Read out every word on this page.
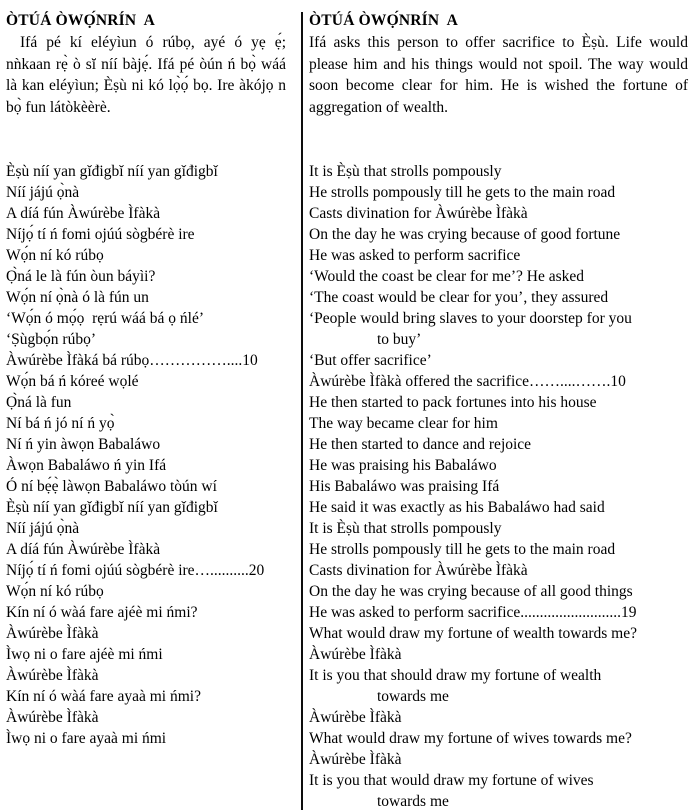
ÒTÚÁ ÒWỌ́NRÍN  A

Ifá pé kí eléyìun ó rúbọ, ayé ó yẹ ẹ́; nǹkaan rẹ̀ ò sĭ níí bàjẹ́. Ifá pé òún ń bọ̀ wáá là kan eléyìun; Èṣù ni kó lọ̀ọ́ bọ. Ire àkójọ n bọ̀ fun látòkèèrè.

Èṣù níí yan gǐđigbǐ níí yan gǐđigbǐ
Níí jájú ọ̀nà
A díá fún Àwúrèbe Ìfàkà
Níjọ́ tí ń fomi ojúú sògbérè ire
Wọ́n ní kó rúbọ
Ọ̀ná le là fún òun báyìi?
Wọ́n ní ọ̀nà ó là fún un
‘Wọ́n ó mọ́ọ  rẹrú wáá bá ọ ńlé’
‘Ṣùgbọ́n rúbọ’
Àwúrèbe Ìfàká bá rúbọ……………....10
Wọ́n bá ń kóreé wọlé
Ọ̀ná là fun
Ní bá ń jó ní ń yọ̀
Ní ń yin àwọn Babaláwo
Àwọn Babaláwo ń yin Ifá
Ó ní bẹ́ẹ̀ làwọn Babaláwo tòún wí
Èṣù níí yan gǐđigbǐ níí yan gǐđigbǐ
Níí jájú ọ̀nà
A díá fún Àwúrèbe Ìfàkà
Níjọ́ tí ń fomi ojúú sògbérè ire…..........20
Wọ́n ní kó rúbọ
Kín ní ó wàá fare ajéè mi ńmi?
Àwúrèbe Ìfàkà
Ìwọ ni o fare ajéè mi ńmi
Àwúrèbe Ìfàkà
Kín ní ó wàá fare ayaà mi ńmi?
Àwúrèbe Ìfàkà
Ìwọ ni o fare ayaà mi ńmi
ÒTÚÁ ÒWỌ́NRÍN  A

Ifá asks this person to offer sacrifice to Èṣù. Life would please him and his things would not spoil. The way would soon become clear for him. He is wished the fortune of aggregation of wealth.

It is Èṣù that strolls pompously
He strolls pompously till he gets to the main road
Casts divination for Àwúrèbe Ìfàkà
On the day he was crying because of good fortune
He was asked to perform sacrifice
‘Would the coast be clear for me’? He asked
‘The coast would be clear for you’, they assured
‘People would bring slaves to your doorstep for you
to buy’
‘But offer sacrifice’
Àwúrèbe Ìfàkà offered the sacrifice……....…….10
He then started to pack fortunes into his house
The way became clear for him
He then started to dance and rejoice
He was praising his Babaláwo
His Babaláwo was praising Ifá
He said it was exactly as his Babaláwo had said
It is Èṣù that strolls pompously
He strolls pompously till he gets to the main road
Casts divination for Àwúrèbe Ìfàkà
On the day he was crying because of all good things
He was asked to perform sacrifice..........................19
What would draw my fortune of wealth towards me?
Àwúrèbe Ìfàkà
It is you that should draw my fortune of wealth
towards me
Àwúrèbe Ìfàkà
What would draw my fortune of wives towards me?
Àwúrèbe Ìfàkà
It is you that would draw my fortune of wives
towards me
